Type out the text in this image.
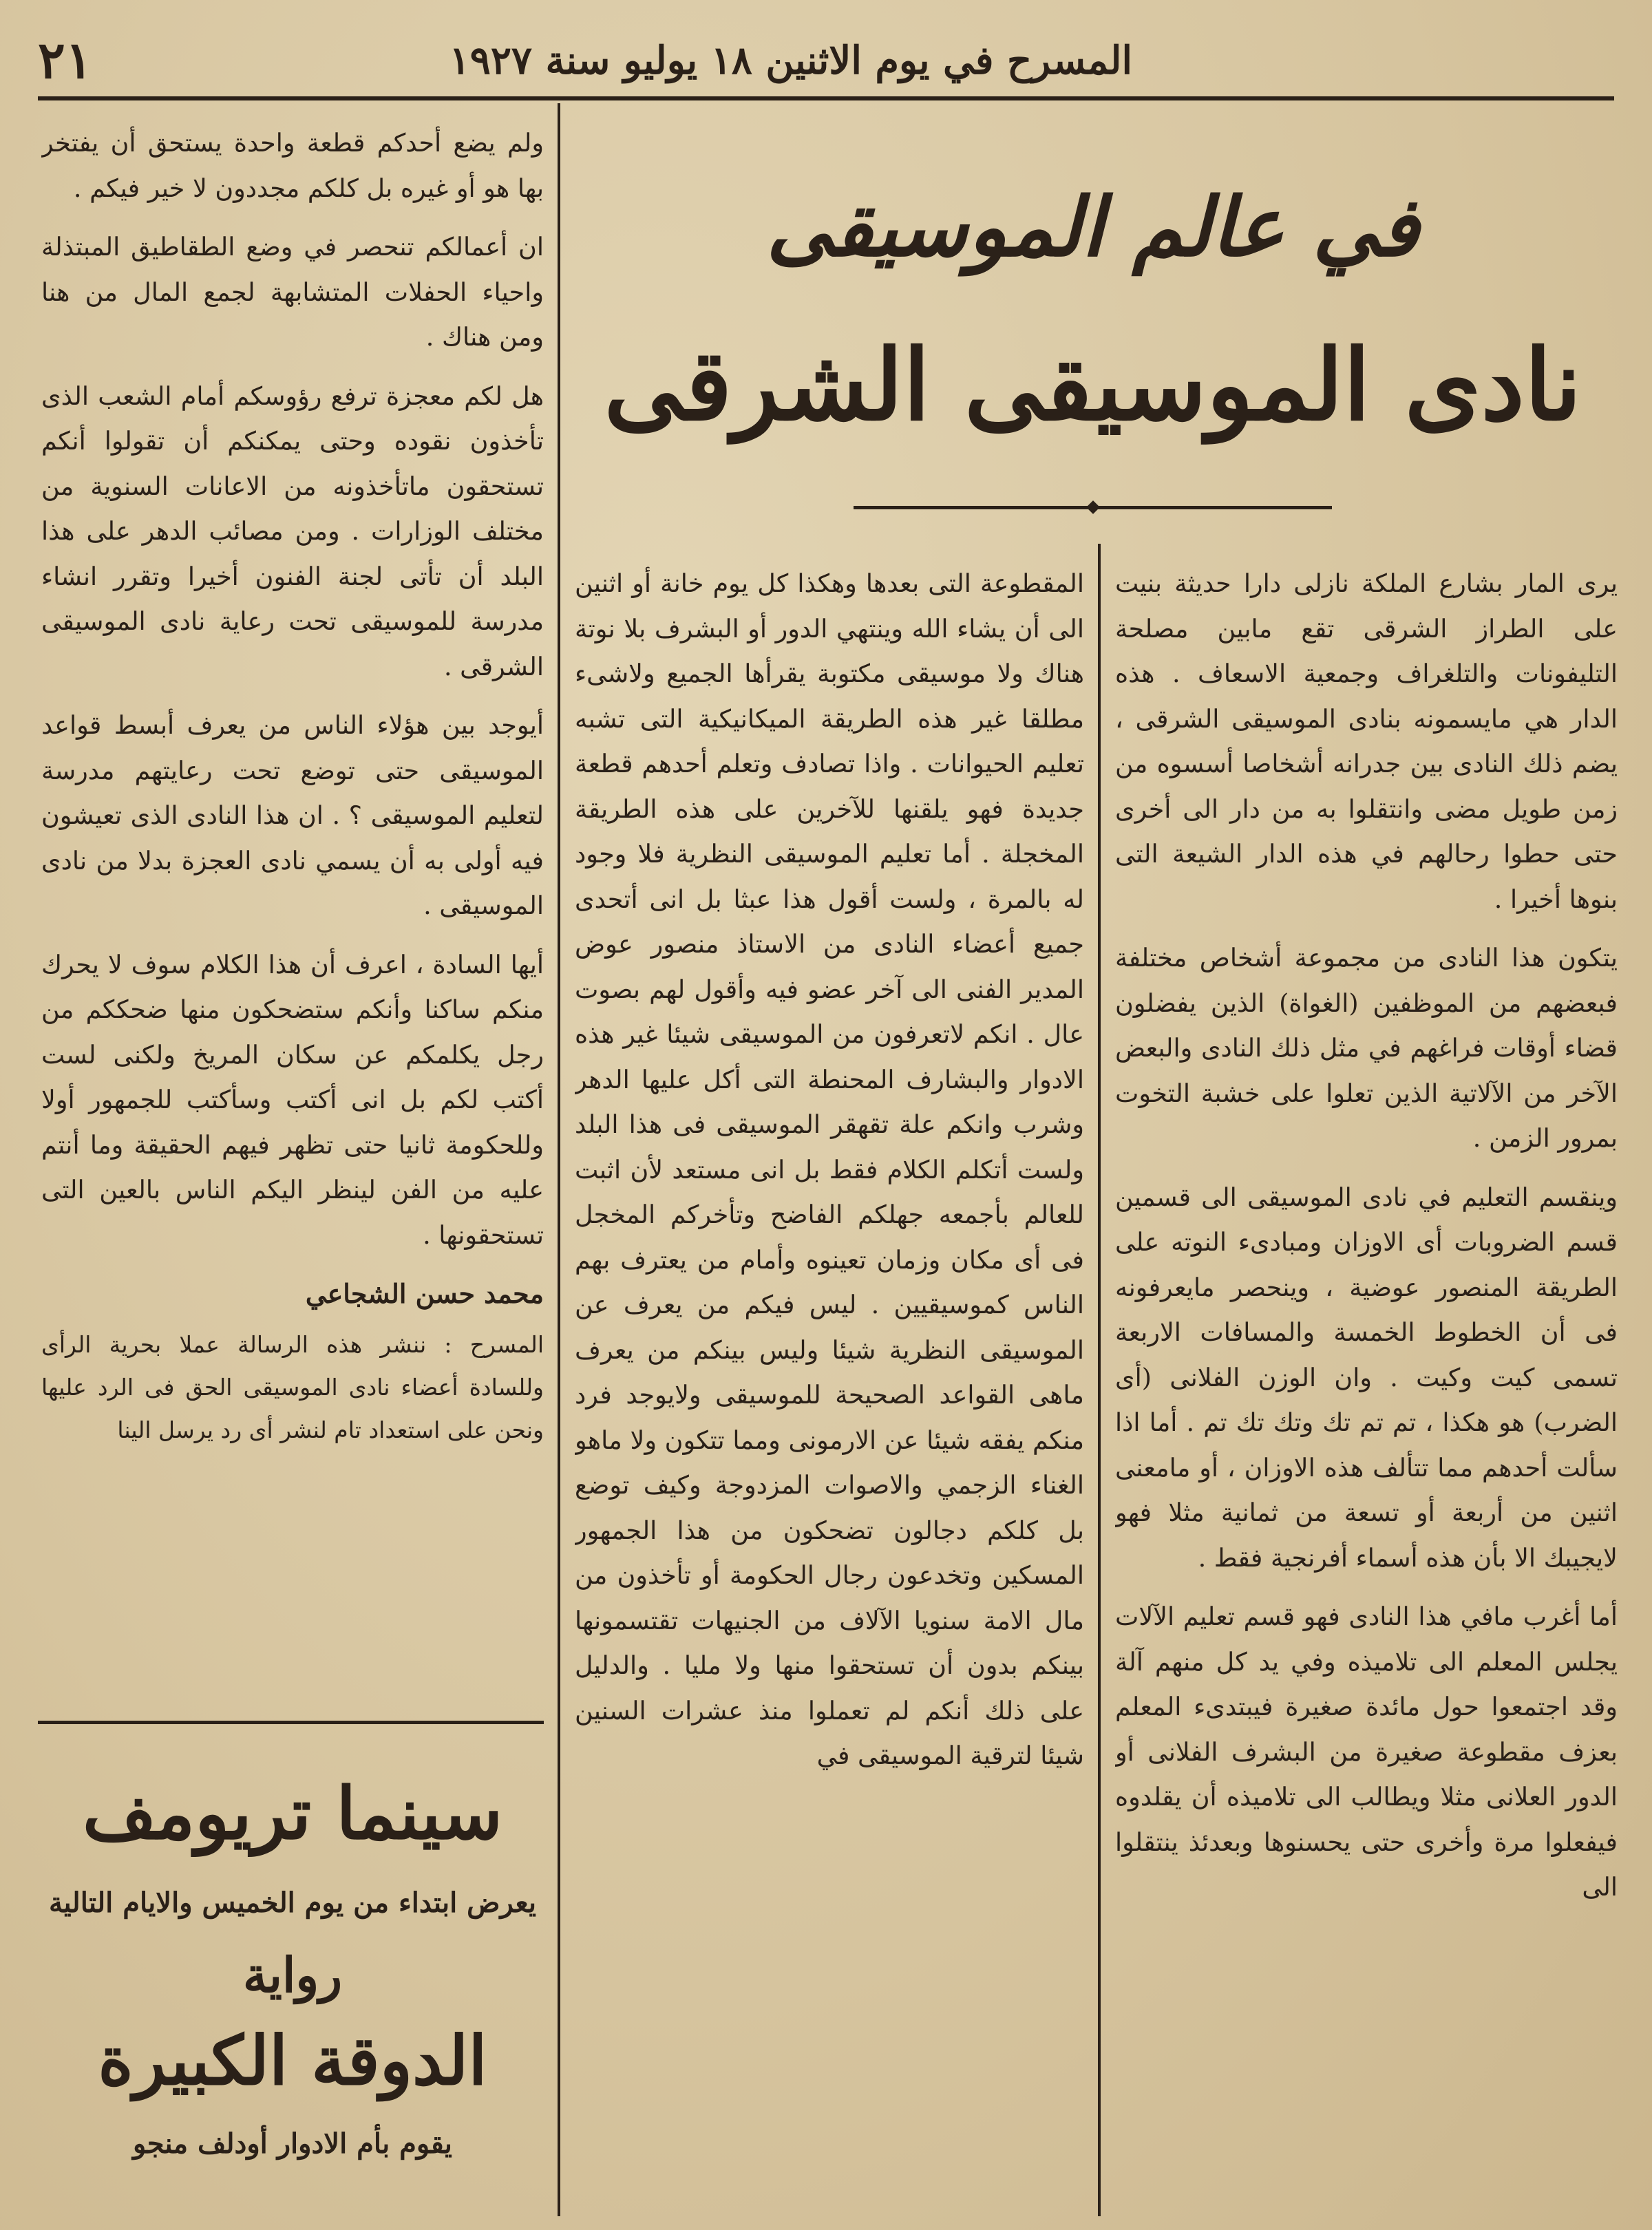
٢١	المسرح في يوم الاثنين ١٨ يوليو سنة ١٩٢٧
في عالم الموسيقى
نادى الموسيقى الشرقى

يرى المار بشارع الملكة نازلى دارا حديثة بنيت على الطراز الشرقى تقع مابين مصلحة التليفونات والتلغراف وجمعية الاسعاف . هذه الدار هي مايسمونه بنادى الموسيقى الشرقى ، يضم ذلك النادى بين جدرانه أشخاصا أسسوه من زمن طويل مضى وانتقلوا به من دار الى أخرى حتى حطوا رحالهم في هذه الدار الشيعة التى بنوها أخيرا .

يتكون هذا النادى من مجموعة أشخاص مختلفة فبعضهم من الموظفين (الغواة) الذين يفضلون قضاء أوقات فراغهم في مثل ذلك النادى والبعض الآخر من الآلاتية الذين تعلوا على خشبة التخوت بمرور الزمن .

وينقسم التعليم في نادى الموسيقى الى قسمين قسم الضروبات أى الاوزان ومبادىء النوته على الطريقة المنصور عوضية ، وينحصر مايعرفونه فى أن الخطوط الخمسة والمسافات الاربعة تسمى كيت وكيت . وان الوزن الفلانى (أى الضرب) هو هكذا ، تم تم تك وتك تك تم . أما اذا سألت أحدهم مما تتألف هذه الاوزان ، أو مامعنى اثنين من أربعة أو تسعة من ثمانية مثلا فهو لايجيبك الا بأن هذه أسماء أفرنجية فقط .

أما أغرب مافي هذا النادى فهو قسم تعليم الآلات يجلس المعلم الى تلاميذه وفي يد كل منهم آلة وقد اجتمعوا حول مائدة صغيرة فيبتدىء المعلم بعزف مقطوعة صغيرة من البشرف الفلانى أو الدور العلانى مثلا ويطالب الى تلاميذه أن يقلدوه فيفعلوا مرة وأخرى حتى يحسنوها وبعدئذ ينتقلوا الى

المقطوعة التى بعدها وهكذا كل يوم خانة أو اثنين الى أن يشاء الله وينتهي الدور أو البشرف بلا نوتة هناك ولا موسيقى مكتوبة يقرأها الجميع ولاشىء مطلقا غير هذه الطريقة الميكانيكية التى تشبه تعليم الحيوانات . واذا تصادف وتعلم أحدهم قطعة جديدة فهو يلقنها للآخرين على هذه الطريقة المخجلة . أما تعليم الموسيقى النظرية فلا وجود له بالمرة ، ولست أقول هذا عبثا بل انى أتحدى جميع أعضاء النادى من الاستاذ منصور عوض المدير الفنى الى آخر عضو فيه وأقول لهم بصوت عال . انكم لاتعرفون من الموسيقى شيئا غير هذه الادوار والبشارف المحنطة التى أكل عليها الدهر وشرب وانكم علة تقهقر الموسيقى فى هذا البلد ولست أتكلم الكلام فقط بل انى مستعد لأن اثبت للعالم بأجمعه جهلكم الفاضح وتأخركم المخجل فى أى مكان وزمان تعينوه وأمام من يعترف بهم الناس كموسيقيين . ليس فيكم من يعرف عن الموسيقى النظرية شيئا وليس بينكم من يعرف ماهى القواعد الصحيحة للموسيقى ولايوجد فرد منكم يفقه شيئا عن الارمونى ومما تتكون ولا ماهو الغناء الزجمي والاصوات المزدوجة وكيف توضع بل كلكم دجالون تضحكون من هذا الجمهور المسكين وتخدعون رجال الحكومة أو تأخذون من مال الامة سنويا الآلاف من الجنيهات تقتسمونها بينكم بدون أن تستحقوا منها ولا مليا . والدليل على ذلك أنكم لم تعملوا منذ عشرات السنين شيئا لترقية الموسيقى في

ولم يضع أحدكم قطعة واحدة يستحق أن يفتخر بها هو أو غيره بل كلكم مجددون لا خير فيكم .

ان أعمالكم تنحصر في وضع الطقاطيق المبتذلة واحياء الحفلات المتشابهة لجمع المال من هنا ومن هناك .

هل لكم معجزة ترفع رؤوسكم أمام الشعب الذى تأخذون نقوده وحتى يمكنكم أن تقولوا أنكم تستحقون ماتأخذونه من الاعانات السنوية من مختلف الوزارات . ومن مصائب الدهر على هذا البلد أن تأتى لجنة الفنون أخيرا وتقرر انشاء مدرسة للموسيقى تحت رعاية نادى الموسيقى الشرقى .

أيوجد بين هؤلاء الناس من يعرف أبسط قواعد الموسيقى حتى توضع تحت رعايتهم مدرسة لتعليم الموسيقى ؟ . ان هذا النادى الذى تعيشون فيه أولى به أن يسمي نادى العجزة بدلا من نادى الموسيقى .

أيها السادة ، اعرف أن هذا الكلام سوف لا يحرك منكم ساكنا وأنكم ستضحكون منها ضحككم من رجل يكلمكم عن سكان المريخ ولكنى لست أكتب لكم بل انى أكتب وسأكتب للجمهور أولا وللحكومة ثانيا حتى تظهر فيهم الحقيقة وما أنتم عليه من الفن لينظر اليكم الناس بالعين التى تستحقونها .

محمد حسن الشجاعي
المسرح : ننشر هذه الرسالة عملا بحرية الرأى وللسادة أعضاء نادى الموسيقى الحق فى الرد عليها ونحن على استعداد تام لنشر أى رد يرسل الينا
سينما تريومف
يعرض ابتداء من يوم الخميس والايام التالية
رواية
الدوقة الكبيرة
يقوم بأم الادوار أودلف منجو
